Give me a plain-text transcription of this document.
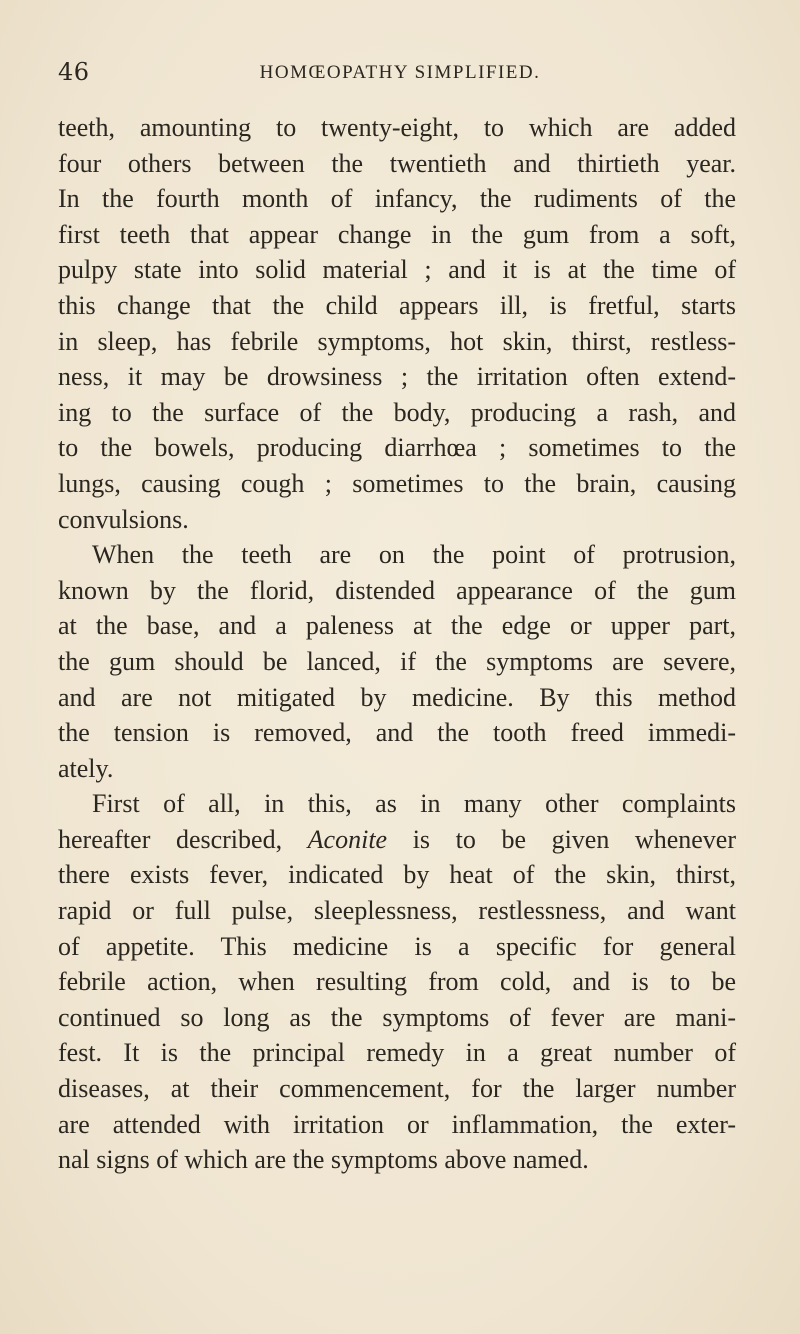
46	HOMŒOPATHY SIMPLIFIED.
teeth, amounting to twenty-eight, to which are added
four others between the twentieth and thirtieth year.
In the fourth month of infancy, the rudiments of the
first teeth that appear change in the gum from a soft,
pulpy state into solid material ; and it is at the time of
this change that the child appears ill, is fretful, starts
in sleep, has febrile symptoms, hot skin, thirst, restless-
ness, it may be drowsiness ; the irritation often extend-
ing to the surface of the body, producing a rash, and
to the bowels, producing diarrhœa ; sometimes to the
lungs, causing cough ; sometimes to the brain, causing
convulsions.
When the teeth are on the point of protrusion,
known by the florid, distended appearance of the gum
at the base, and a paleness at the edge or upper part,
the gum should be lanced, if the symptoms are severe,
and are not mitigated by medicine. By this method
the tension is removed, and the tooth freed immedi-
ately.
First of all, in this, as in many other complaints
hereafter described, Aconite is to be given whenever
there exists fever, indicated by heat of the skin, thirst,
rapid or full pulse, sleeplessness, restlessness, and want
of appetite. This medicine is a specific for general
febrile action, when resulting from cold, and is to be
continued so long as the symptoms of fever are mani-
fest. It is the principal remedy in a great number of
diseases, at their commencement, for the larger number
are attended with irritation or inflammation, the exter-
nal signs of which are the symptoms above named.
